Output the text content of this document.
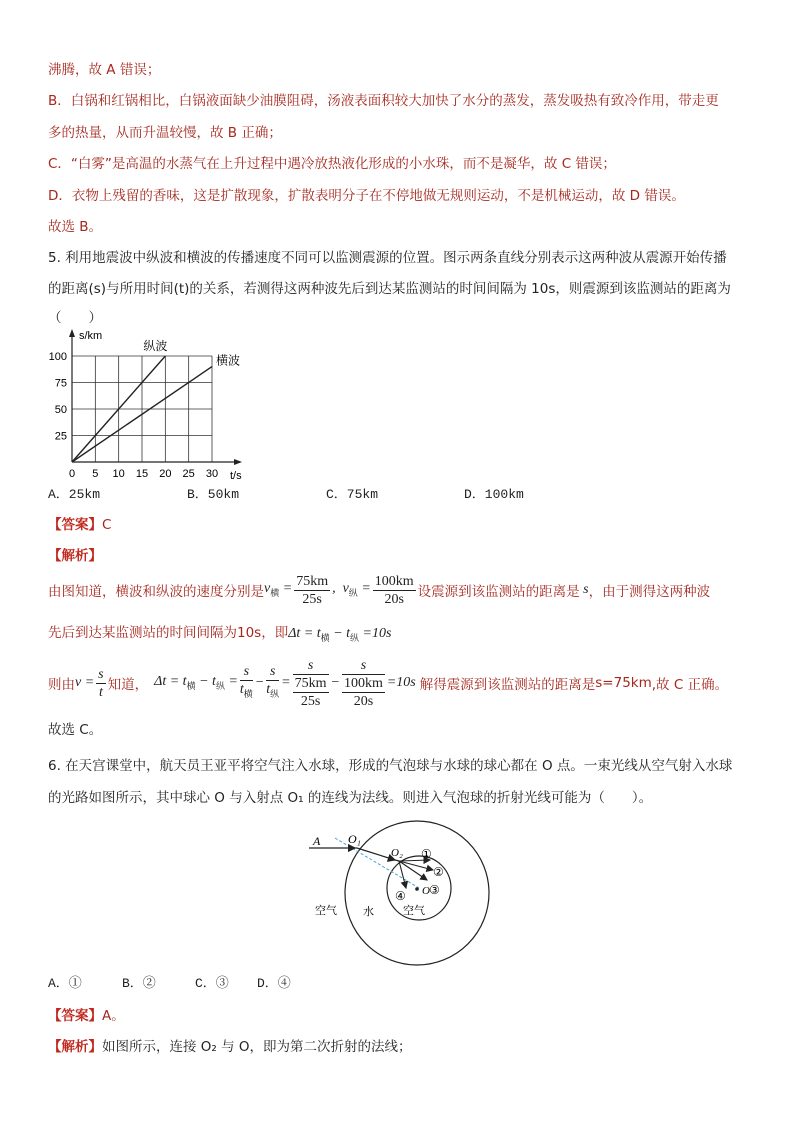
沸腾，故 A 错误；
B．白锅和红锅相比，白锅液面缺少油膜阻碍，汤液表面积较大加快了水分的蒸发，蒸发吸热有致冷作用，带走更
多的热量，从而升温较慢，故 B 正确；
C．“白雾”是高温的水蒸气在上升过程中遇冷放热液化形成的小水珠，而不是凝华，故 C 错误；
D．衣物上残留的香味，这是扩散现象，扩散表明分子在不停地做无规则运动，不是机械运动，故 D 错误。
故选 B。
5. 利用地震波中纵波和横波的传播速度不同可以监测震源的位置。图示两条直线分别表示这两种波从震源开始传播
的距离(s)与所用时间(t)的关系，若测得这两种波先后到达某监测站的时间间隔为 10s，则震源到该监测站的距离为
（　　）
0 5 10 15 20 25 30
25
50
75
100
s/km
t/s
纵波
横波
A．25km	B．50km	C．75km	D．100km
【答案】C
【解析】
由图知道，横波和纵波的速度分别是 $v_横 = \frac{75km}{25s}$ ,  $v_纵 = \frac{100km}{20s}$ 设震源到该监测站的距离是 s ，由于测得这两种波
先后到达某监测站的时间间隔为10s，即$\Delta t = t_横 - t_纵 =10s$
则由 $v = \frac{s}{t}$ 知道， $\Delta t = t_横 - t_纵 = \frac{s}{t_横} - \frac{s}{t_纵} = s$
75km
25s − s
100km
20s =10s 解得震源到该监测站的距离是 s=75km ,故 C 正确。
故选 C。
6. 在天宫课堂中，航天员王亚平将空气注入水球，形成的气泡球与水球的球心都在 O 点。一束光线从空气射入水球
的光路如图所示，其中球心 O 与入射点 O₁ 的连线为法线。则进入气泡球的折射光线可能为（　　）。
A O₁
O₂
O
①
②
③
④
空气 水	空气
A．①	B．②	C．③ D．④
【答案】A。
【解析】如图所示，连接 O₂ 与 O，即为第二次折射的法线；
